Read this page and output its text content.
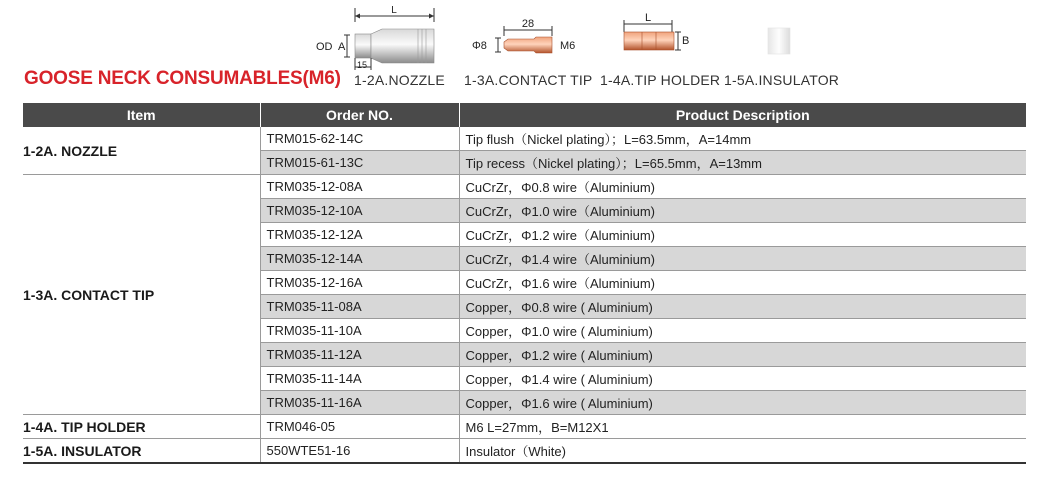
GOOSE NECK CONSUMABLES(M6)
L
OD A
15
1-2A.NOZZLE
28
Φ8	M6
1-3A.CONTACT TIP
L
B
1-4A.TIP HOLDER 1-5A.INSULATOR
Item	Order NO.	Product Description
1-2A. NOZZLE	TRM015-62-14C	Tip flush（Nickel plating）；L=63.5mm，A=14mm
	TRM015-61-13C	Tip recess（Nickel plating）；L=65.5mm，A=13mm
1-3A. CONTACT TIP	TRM035-12-08A	CuCrZr，Φ0.8 wire（Aluminium)
	TRM035-12-10A	CuCrZr，Φ1.0 wire（Aluminium)
	TRM035-12-12A	CuCrZr，Φ1.2 wire（Aluminium)
	TRM035-12-14A	CuCrZr，Φ1.4 wire（Aluminium)
	TRM035-12-16A	CuCrZr，Φ1.6 wire（Aluminium)
	TRM035-11-08A	Copper，Φ0.8 wire ( Aluminium)
	TRM035-11-10A	Copper，Φ1.0 wire ( Aluminium)
	TRM035-11-12A	Copper，Φ1.2 wire ( Aluminium)
	TRM035-11-14A	Copper，Φ1.4 wire ( Aluminium)
	TRM035-11-16A	Copper，Φ1.6 wire ( Aluminium)
1-4A. TIP HOLDER	TRM046-05	M6 L=27mm，B=M12X1
1-5A. INSULATOR	550WTE51-16	Insulator（White)
